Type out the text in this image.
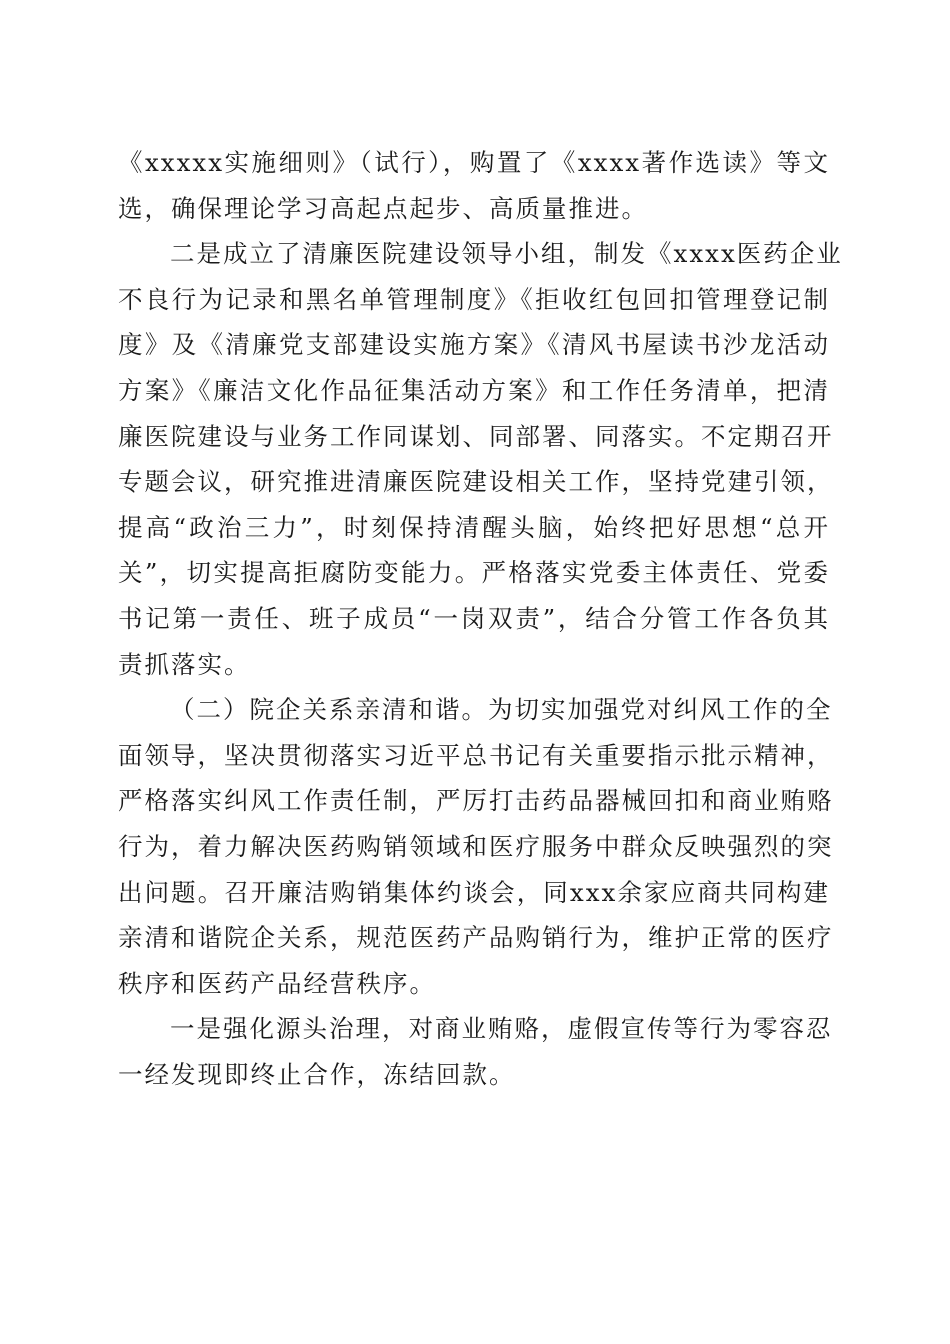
《xxxxx实施细则》（试行），购置了《xxxx著作选读》等文
选，确保理论学习高起点起步、高质量推进。
二是成立了清廉医院建设领导小组，制发《xxxx医药企业
不良行为记录和黑名单管理制度》《拒收红包回扣管理登记制
度》及《清廉党支部建设实施方案》《清风书屋读书沙龙活动
方案》《廉洁文化作品征集活动方案》和工作任务清单，把清
廉医院建设与业务工作同谋划、同部署、同落实。不定期召开
专题会议，研究推进清廉医院建设相关工作，坚持党建引领，
提高“政治三力”，时刻保持清醒头脑，始终把好思想“总开
关”，切实提高拒腐防变能力。严格落实党委主体责任、党委
书记第一责任、班子成员“一岗双责”，结合分管工作各负其
责抓落实。
（二）院企关系亲清和谐。为切实加强党对纠风工作的全
面领导，坚决贯彻落实习近平总书记有关重要指示批示精神，
严格落实纠风工作责任制，严厉打击药品器械回扣和商业贿赂
行为，着力解决医药购销领域和医疗服务中群众反映强烈的突
出问题。召开廉洁购销集体约谈会，同xxx余家应商共同构建
亲清和谐院企关系，规范医药产品购销行为，维护正常的医疗
秩序和医药产品经营秩序。
一是强化源头治理，对商业贿赂，虚假宣传等行为零容忍
一经发现即终止合作，冻结回款。
